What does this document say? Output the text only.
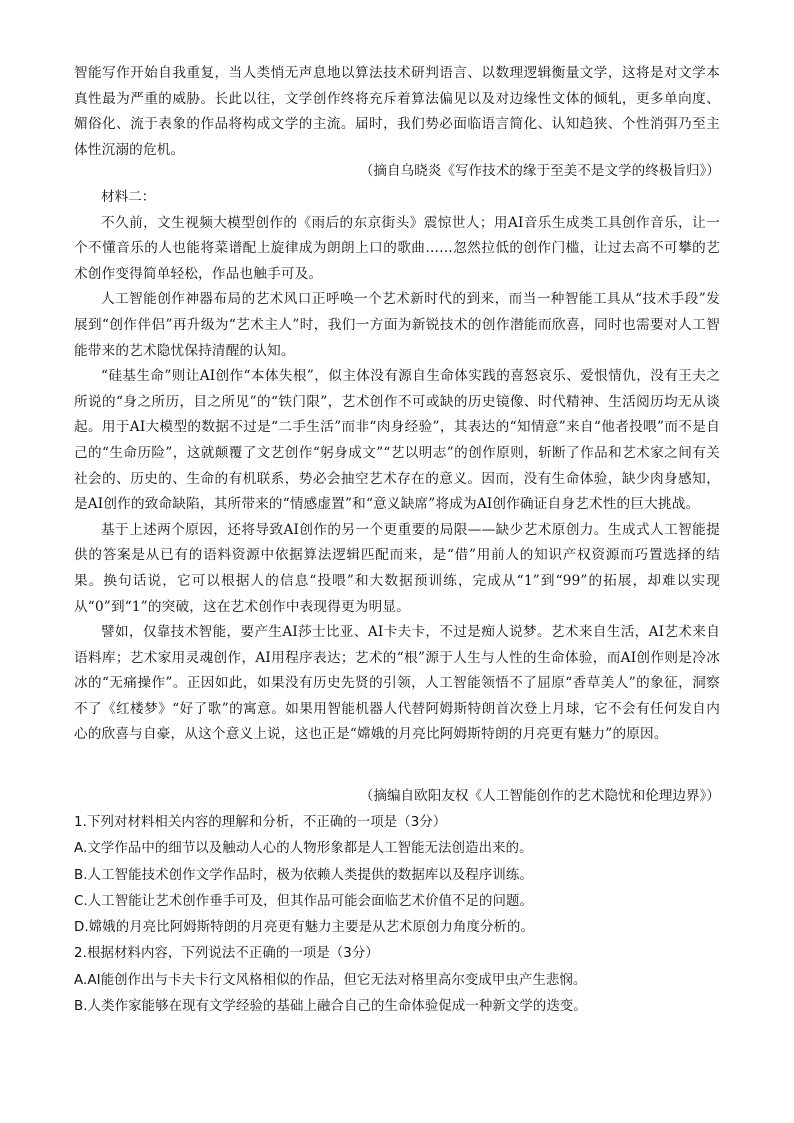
智能写作开始自我重复，当人类悄无声息地以算法技术研判语言、以数理逻辑衡量文学，这将是对文学本真性最为严重的威胁。长此以往，文学创作终将充斥着算法偏见以及对边缘性文体的倾轧，更多单向度、媚俗化、流于表象的作品将构成文学的主流。届时，我们势必面临语言简化、认知趋狭、个性消弭乃至主体性沉溺的危机。

（摘自乌晓炎《写作技术的缘于至美不是文学的终极旨归》）

材料二：

不久前，文生视频大模型创作的《雨后的东京街头》震惊世人；用AI音乐生成类工具创作音乐，让一个不懂音乐的人也能将菜谱配上旋律成为朗朗上口的歌曲……忽然拉低的创作门槛，让过去高不可攀的艺术创作变得简单轻松，作品也触手可及。

人工智能创作神器布局的艺术风口正呼唤一个艺术新时代的到来，而当一种智能工具从“技术手段”发展到“创作伴侣”再升级为“艺术主人”时，我们一方面为新锐技术的创作潜能而欣喜，同时也需要对人工智能带来的艺术隐忧保持清醒的认知。

“硅基生命”则让AI创作“本体失根”，似主体没有源自生命体实践的喜怒哀乐、爱恨情仇，没有王夫之所说的“身之所历，目之所见”的“铁门限”，艺术创作不可或缺的历史镜像、时代精神、生活阅历均无从谈起。用于AI大模型的数据不过是“二手生活”而非“肉身经验”，其表达的“知情意”来自“他者投喂”而不是自己的“生命历险”，这就颠覆了文艺创作“躬身成文”“艺以明志”的创作原则，斩断了作品和艺术家之间有关社会的、历史的、生命的有机联系，势必会抽空艺术存在的意义。因而，没有生命体验，缺少肉身感知，是AI创作的致命缺陷，其所带来的“情感虚置”和“意义缺席”将成为AI创作确证自身艺术性的巨大挑战。

基于上述两个原因，还将导致AI创作的另一个更重要的局限——缺少艺术原创力。生成式人工智能提供的答案是从已有的语料资源中依据算法逻辑匹配而来，是“借”用前人的知识产权资源而巧置选择的结果。换句话说，它可以根据人的信息“投喂”和大数据预训练，完成从“1”到“99”的拓展，却难以实现从“0”到“1”的突破，这在艺术创作中表现得更为明显。

譬如，仅靠技术智能，要产生AI莎士比亚、AI卡夫卡，不过是痴人说梦。艺术来自生活，AI艺术来自语料库；艺术家用灵魂创作，AI用程序表达；艺术的“根”源于人生与人性的生命体验，而AI创作则是冷冰冰的“无痛操作”。正因如此，如果没有历史先贤的引领，人工智能领悟不了屈原“香草美人”的象征，洞察不了《红楼梦》“好了歌”的寓意。如果用智能机器人代替阿姆斯特朗首次登上月球，它不会有任何发自内心的欣喜与自豪，从这个意义上说，这也正是“嫦娥的月亮比阿姆斯特朗的月亮更有魅力”的原因。

（摘编自欧阳友权《人工智能创作的艺术隐忧和伦理边界》）

1.下列对材料相关内容的理解和分析，不正确的一项是（3分）

A.文学作品中的细节以及触动人心的人物形象都是人工智能无法创造出来的。

B.人工智能技术创作文学作品时，极为依赖人类提供的数据库以及程序训练。

C.人工智能让艺术创作垂手可及，但其作品可能会面临艺术价值不足的问题。

D.嫦娥的月亮比阿姆斯特朗的月亮更有魅力主要是从艺术原创力角度分析的。

2.根据材料内容，下列说法不正确的一项是（3分）

A.AI能创作出与卡夫卡行文风格相似的作品，但它无法对格里高尔变成甲虫产生悲悯。

B.人类作家能够在现有文学经验的基础上融合自己的生命体验促成一种新文学的迭变。
